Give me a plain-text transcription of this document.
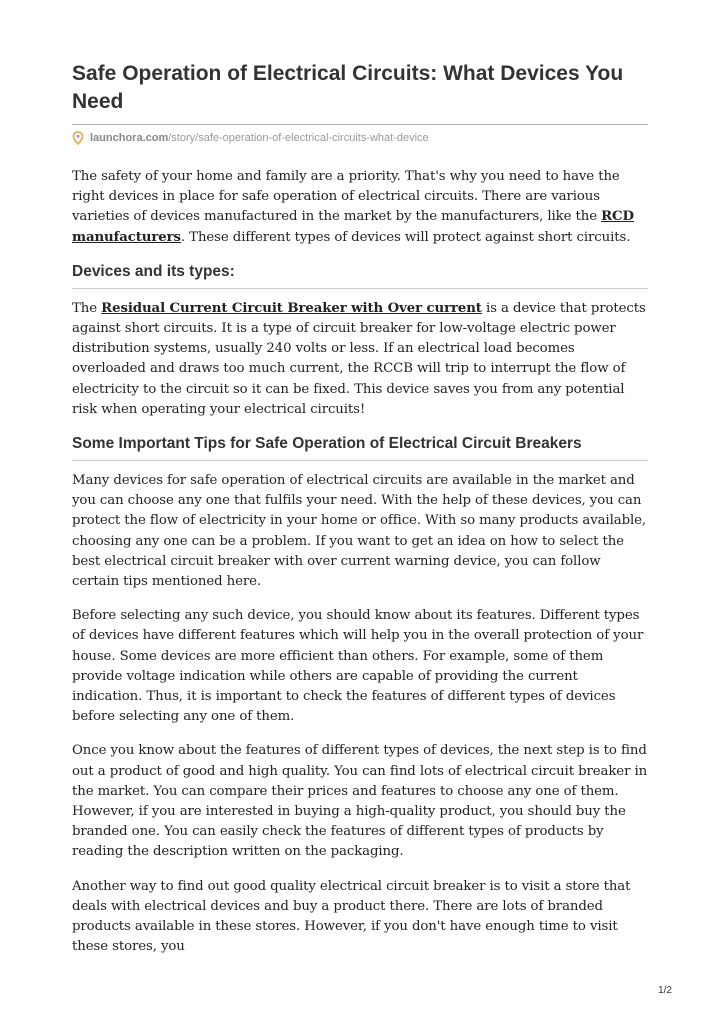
Safe Operation of Electrical Circuits: What Devices You Need
launchora.com/story/safe-operation-of-electrical-circuits-what-device

The safety of your home and family are a priority. That's why you need to have the right devices in place for safe operation of electrical circuits. There are various varieties of devices manufactured in the market by the manufacturers, like the RCD manufacturers. These different types of devices will protect against short circuits.

Devices and its types:

The Residual Current Circuit Breaker with Over current is a device that protects against short circuits. It is a type of circuit breaker for low-voltage electric power distribution systems, usually 240 volts or less. If an electrical load becomes overloaded and draws too much current, the RCCB will trip to interrupt the flow of electricity to the circuit so it can be fixed. This device saves you from any potential risk when operating your electrical circuits!

Some Important Tips for Safe Operation of Electrical Circuit Breakers

Many devices for safe operation of electrical circuits are available in the market and you can choose any one that fulfils your need. With the help of these devices, you can protect the flow of electricity in your home or office. With so many products available, choosing any one can be a problem. If you want to get an idea on how to select the best electrical circuit breaker with over current warning device, you can follow certain tips mentioned here.

Before selecting any such device, you should know about its features. Different types of devices have different features which will help you in the overall protection of your house. Some devices are more efficient than others. For example, some of them provide voltage indication while others are capable of providing the current indication. Thus, it is important to check the features of different types of devices before selecting any one of them.

Once you know about the features of different types of devices, the next step is to find out a product of good and high quality. You can find lots of electrical circuit breaker in the market. You can compare their prices and features to choose any one of them. However, if you are interested in buying a high-quality product, you should buy the branded one. You can easily check the features of different types of products by reading the description written on the packaging.

Another way to find out good quality electrical circuit breaker is to visit a store that deals with electrical devices and buy a product there. There are lots of branded products available in these stores. However, if you don't have enough time to visit these stores, you

1/2
